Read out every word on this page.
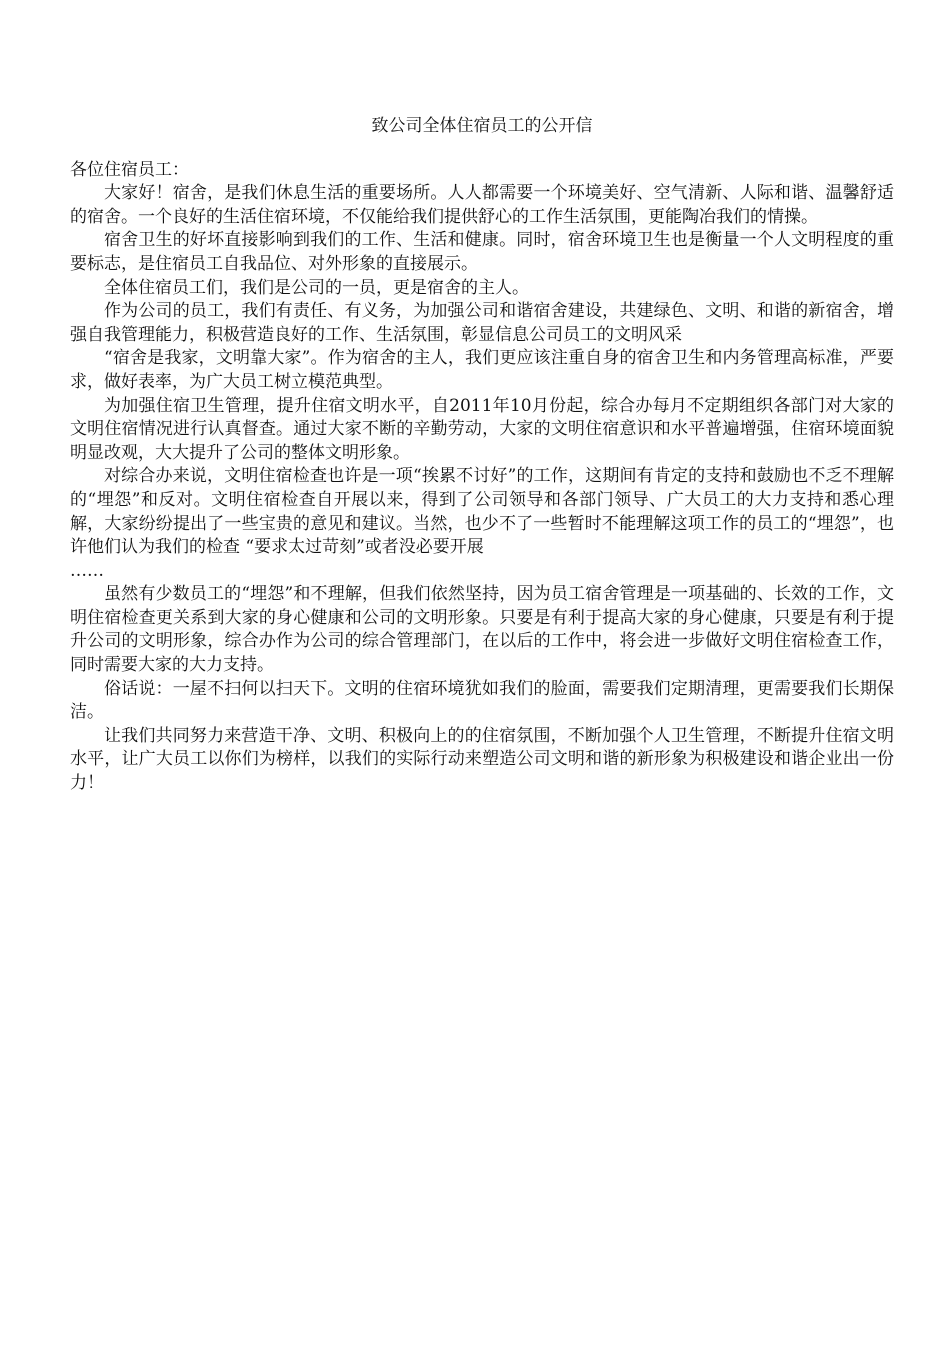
致公司全体住宿员工的公开信

各位住宿员工：

大家好！宿舍，是我们休息生活的重要场所。人人都需要一个环境美好、空气清新、人际和谐、温馨舒适的宿舍。一个良好的生活住宿环境，不仅能给我们提供舒心的工作生活氛围，更能陶冶我们的情操。

宿舍卫生的好坏直接影响到我们的工作、生活和健康。同时，宿舍环境卫生也是衡量一个人文明程度的重要标志，是住宿员工自我品位、对外形象的直接展示。

全体住宿员工们，我们是公司的一员，更是宿舍的主人。

作为公司的员工，我们有责任、有义务，为加强公司和谐宿舍建设，共建绿色、文明、和谐的新宿舍，增强自我管理能力，积极营造良好的工作、生活氛围，彰显信息公司员工的文明风采

“宿舍是我家，文明靠大家”。作为宿舍的主人，我们更应该注重自身的宿舍卫生和内务管理高标准，严要求，做好表率，为广大员工树立模范典型。

为加强住宿卫生管理，提升住宿文明水平，自2011年10月份起，综合办每月不定期组织各部门对大家的文明住宿情况进行认真督查。通过大家不断的辛勤劳动，大家的文明住宿意识和水平普遍增强，住宿环境面貌明显改观，大大提升了公司的整体文明形象。

对综合办来说，文明住宿检查也许是一项“挨累不讨好”的工作，这期间有肯定的支持和鼓励也不乏不理解的“埋怨”和反对。文明住宿检查自开展以来，得到了公司领导和各部门领导、广大员工的大力支持和悉心理解，大家纷纷提出了一些宝贵的意见和建议。当然，也少不了一些暂时不能理解这项工作的员工的“埋怨”，也许他们认为我们的检查 “要求太过苛刻”或者没必要开展

……

虽然有少数员工的“埋怨”和不理解，但我们依然坚持，因为员工宿舍管理是一项基础的、长效的工作，文明住宿检查更关系到大家的身心健康和公司的文明形象。只要是有利于提高大家的身心健康，只要是有利于提升公司的文明形象，综合办作为公司的综合管理部门，在以后的工作中，将会进一步做好文明住宿检查工作，同时需要大家的大力支持。

俗话说：一屋不扫何以扫天下。文明的住宿环境犹如我们的脸面，需要我们定期清理，更需要我们长期保洁。

让我们共同努力来营造干净、文明、积极向上的的住宿氛围，不断加强个人卫生管理，不断提升住宿文明水平，让广大员工以你们为榜样，以我们的实际行动来塑造公司文明和谐的新形象为积极建设和谐企业出一份力！
